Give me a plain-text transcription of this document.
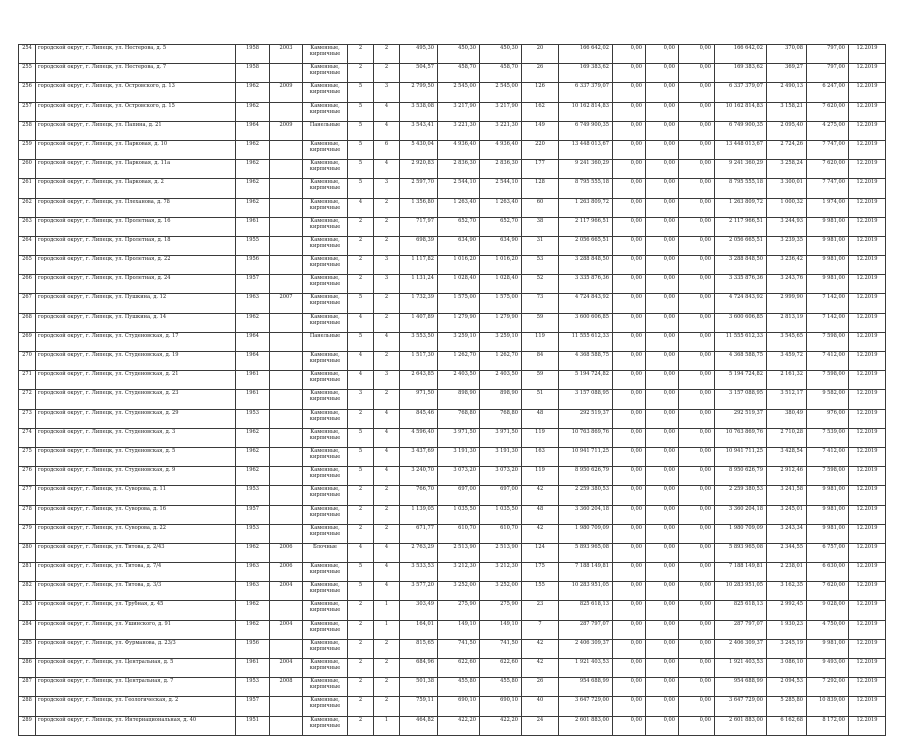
254	городской округ, г. Липецк, ул. Нестерова, д. 5	1958	2003	Каменные, кирпичные	2	2	495,30	450,30	450,30	20	166 642,02	0,00	0,00	0,00	166 642,02	370,08	797,00	12.2019
255	городской округ, г. Липецк, ул. Нестерова, д. 7	1958		Каменные, кирпичные	2	2	504,57	458,70	458,70	26	169 383,62	0,00	0,00	0,00	169 383,62	369,27	797,00	12.2019
256	городской округ, г. Липецк, ул. Островского, д. 13	1962	2009	Каменные, кирпичные	5	3	2 799,50	2 545,00	2 545,00	126	6 337 379,07	0,00	0,00	0,00	6 337 379,07	2 490,13	6 247,00	12.2019
257	городской округ, г. Липецк, ул. Островского, д. 15	1962		Каменные, кирпичные	5	4	3 538,08	3 217,90	3 217,90	162	10 162 814,83	0,00	0,00	0,00	10 162 814,83	3 158,21	7 620,00	12.2019
258	городской округ, г. Липецк, ул. Папина, д. 21	1964	2009	Панельные	5	4	3 543,41	3 221,30	3 221,30	149	6 749 900,35	0,00	0,00	0,00	6 749 900,35	2 095,40	4 275,00	12.2019
259	городской округ, г. Липецк, ул. Парковая, д. 10	1962		Каменные, кирпичные	5	6	5 430,04	4 936,40	4 936,40	220	13 448 013,67	0,00	0,00	0,00	13 448 013,67	2 724,26	7 747,00	12.2019
260	городской округ, г. Липецк, ул. Парковая, д. 11а	1962		Каменные, кирпичные	5	4	2 920,83	2 836,30	2 836,30	177	9 241 360,29	0,00	0,00	0,00	9 241 360,29	3 258,24	7 620,00	12.2019
261	городской округ, г. Липецк, ул. Парковая, д. 2	1962		Каменные, кирпичные	5	3	2 597,70	2 544,10	2 544,10	128	8 795 555,18	0,00	0,00	0,00	8 795 555,18	3 300,01	7 747,00	12.2019
262	городской округ, г. Липецк, ул. Плеханова, д. 78	1962		Каменные, кирпичные	4	2	1 356,80	1 263,40	1 263,40	60	1 263 809,72	0,00	0,00	0,00	1 263 809,72	1 000,32	1 974,00	12.2019
263	городской округ, г. Липецк, ул. Пролетная, д. 16	1961		Каменные, кирпичные	2	2	717,97	652,70	652,70	38	2 117 966,51	0,00	0,00	0,00	2 117 966,51	3 244,93	9 981,00	12.2019
264	городской округ, г. Липецк, ул. Пролетная, д. 18	1955		Каменные, кирпичные	2	2	698,39	634,90	634,90	31	2 056 665,51	0,00	0,00	0,00	2 056 665,51	3 239,35	9 981,00	12.2019
265	городской округ, г. Липецк, ул. Пролетная, д. 22	1956		Каменные, кирпичные	2	3	1 117,82	1 016,20	1 016,20	53	3 288 848,50	0,00	0,00	0,00	3 288 848,50	3 236,42	9 981,00	12.2019
266	городской округ, г. Липецк, ул. Пролетная, д. 24	1957		Каменные, кирпичные	2	3	1 131,24	1 028,40	1 028,40	52	3 335 876,36	0,00	0,00	0,00	3 335 876,36	3 243,76	9 981,00	12.2019
267	городской округ, г. Липецк, ул. Пушкина, д. 12	1963	2007	Каменные, кирпичные	5	2	1 732,39	1 575,00	1 575,00	73	4 724 843,92	0,00	0,00	0,00	4 724 843,92	2 999,90	7 142,00	12.2019
268	городской округ, г. Липецк, ул. Пушкина, д. 14	1962		Каменные, кирпичные	4	2	1 407,89	1 279,90	1 279,90	59	3 600 606,85	0,00	0,00	0,00	3 600 606,85	2 813,19	7 142,00	12.2019
269	городской округ, г. Липецк, ул. Студеновская, д. 17	1964		Панельные	5	4	3 553,50	3 259,10	3 259,10	119	11 555 612,33	0,00	0,00	0,00	11 555 612,33	3 545,65	7 598,00	12.2019
270	городской округ, г. Липецк, ул. Студеновская, д. 19	1964		Каменные, кирпичные	4	2	1 517,30	1 262,70	1 262,70	84	4 368 588,75	0,00	0,00	0,00	4 368 588,75	3 459,72	7 412,00	12.2019
271	городской округ, г. Липецк, ул. Студеновская, д. 21	1961		Каменные, кирпичные	4	3	2 643,85	2 403,50	2 403,50	59	5 194 724,82	0,00	0,00	0,00	5 194 724,82	2 161,32	7 598,00	12.2019
272	городской округ, г. Липецк, ул. Студеновская, д. 23	1961		Каменные, кирпичные	3	2	971,50	898,90	898,90	51	3 157 088,95	0,00	0,00	0,00	3 157 088,95	3 512,17	9 582,00	12.2019
273	городской округ, г. Липецк, ул. Студеновская, д. 29	1953		Каменные, кирпичные	2	4	845,46	768,80	768,80	48	292 519,37	0,00	0,00	0,00	292 519,37	380,49	976,00	12.2019
274	городской округ, г. Липецк, ул. Студеновская, д. 3	1962		Каменные, кирпичные	5	4	4 596,40	3 971,50	3 971,50	119	10 763 869,76	0,00	0,00	0,00	10 763 869,76	2 710,28	7 539,00	12.2019
275	городской округ, г. Липецк, ул. Студеновская, д. 5	1962		Каменные, кирпичные	5	4	3 437,69	3 191,30	3 191,30	163	10 941 711,25	0,00	0,00	0,00	10 941 711,25	3 428,54	7 412,00	12.2019
276	городской округ, г. Липецк, ул. Студеновская, д. 9	1962		Каменные, кирпичные	5	4	3 240,70	3 073,20	3 073,20	119	8 950 626,79	0,00	0,00	0,00	8 950 626,79	2 912,46	7 598,00	12.2019
277	городской округ, г. Липецк, ул. Суворова, д. 11	1953		Каменные, кирпичные	2	2	766,70	697,00	697,00	42	2 259 380,53	0,00	0,00	0,00	2 259 380,53	3 241,58	9 981,00	12.2019
278	городской округ, г. Липецк, ул. Суворова, д. 16	1957		Каменные, кирпичные	2	2	1 139,05	1 035,50	1 035,50	48	3 360 204,18	0,00	0,00	0,00	3 360 204,18	3 245,01	9 981,00	12.2019
279	городской округ, г. Липецк, ул. Суворова, д. 22	1953		Каменные, кирпичные	2	2	671,77	610,70	610,70	42	1 980 709,09	0,00	0,00	0,00	1 980 709,09	3 243,34	9 981,00	12.2019
280	городской округ, г. Липецк, ул. Титова, д. 2/43	1962	2006	Блочные	4	4	2 763,29	2 513,90	2 513,90	124	5 893 965,08	0,00	0,00	0,00	5 893 965,08	2 344,55	6 757,00	12.2019
281	городской округ, г. Липецк, ул. Титова, д. 7/4	1963	2006	Каменные, кирпичные	5	4	3 533,53	3 212,30	3 212,30	175	7 188 149,81	0,00	0,00	0,00	7 188 149,81	2 238,01	6 630,00	12.2019
282	городской округ, г. Липецк, ул. Титова, д. 3/3	1963	2004	Каменные, кирпичные	5	4	3 577,20	3 252,00	3 252,00	155	10 283 951,05	0,00	0,00	0,00	10 283 951,05	3 162,35	7 620,00	12.2019
283	городской округ, г. Липецк, ул. Трубная, д. 45	1962		Каменные, кирпичные	2	1	303,49	275,90	275,90	23	825 618,13	0,00	0,00	0,00	825 618,13	2 992,45	9 028,00	12.2019
284	городской округ, г. Липецк, ул. Ушинского, д. 91	1962	2004	Каменные, кирпичные	2	1	164,01	149,10	149,10	7	287 797,07	0,00	0,00	0,00	287 797,07	1 930,23	4 750,00	12.2019
285	городской округ, г. Липецк, ул. Фурманова, д. 23/3	1956		Каменные, кирпичные	2	2	815,65	741,50	741,50	42	2 406 309,37	0,00	0,00	0,00	2 406 309,37	3 245,19	9 981,00	12.2019
286	городской округ, г. Липецк, ул. Центральная, д. 5	1961	2004	Каменные, кирпичные	2	2	684,96	622,60	622,60	42	1 921 403,53	0,00	0,00	0,00	1 921 403,53	3 086,10	9 493,00	12.2019
287	городской округ, г. Липецк, ул. Центральная, д. 7	1953	2008	Каменные, кирпичные	2	2	501,38	455,80	455,80	26	954 688,99	0,00	0,00	0,00	954 688,99	2 094,53	7 292,00	12.2019
288	городской округ, г. Липецк, ул. Геологическая, д. 2	1957		Каменные, кирпичные	2	2	759,11	690,10	690,10	40	3 647 729,00	0,00	0,00	0,00	3 647 729,00	5 285,80	10 839,00	12.2019
289	городской округ, г. Липецк, ул. Интернациональная, д. 40	1951		Каменные, кирпичные	2	1	464,82	422,20	422,20	24	2 601 883,00	0,00	0,00	0,00	2 601 883,00	6 162,68	8 172,00	12.2019
